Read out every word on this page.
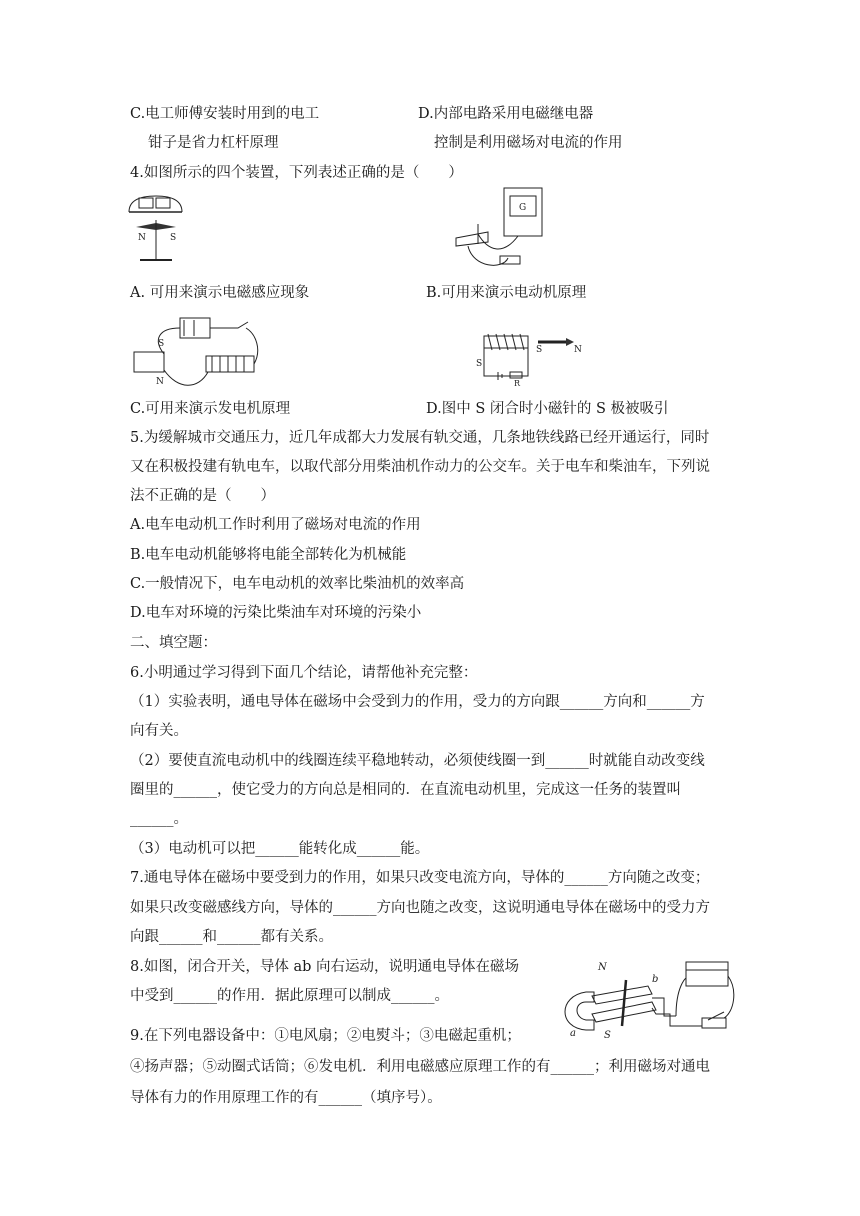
C.电工师傅安装时用到的电工	D.内部电路采用电磁继电器
钳子是省力杠杆原理	控制是利用磁场对电流的作用
4.如图所示的四个装置，下列表述正确的是（　　）
N	S
G
A. 可用来演示电磁感应现象	B.可用来演示电动机原理
S
N
S	N
S
R
C.可用来演示发电机原理	D.图中 S 闭合时小磁针的 S 极被吸引
5.为缓解城市交通压力，近几年成都大力发展有轨交通，几条地铁线路已经开通运行，同时
又在积极投建有轨电车，以取代部分用柴油机作动力的公交车。关于电车和柴油车，下列说
法不正确的是（　　）
A.电车电动机工作时利用了磁场对电流的作用
B.电车电动机能够将电能全部转化为机械能
C.一般情况下，电车电动机的效率比柴油机的效率高
D.电车对环境的污染比柴油车对环境的污染小
二、填空题：
6.小明通过学习得到下面几个结论，请帮他补充完整：
（1）实验表明，通电导体在磁场中会受到力的作用，受力的方向跟______方向和______方
向有关。
（2）要使直流电动机中的线圈连续平稳地转动，必须使线圈一到______时就能自动改变线
圈里的______，使它受力的方向总是相同的．在直流电动机里，完成这一任务的装置叫
______。
（3）电动机可以把______能转化成______能。
7.通电导体在磁场中要受到力的作用，如果只改变电流方向，导体的______方向随之改变；
如果只改变磁感线方向，导体的______方向也随之改变，这说明通电导体在磁场中的受力方
向跟______和______都有关系。
8.如图，闭合开关，导体 ab 向右运动，说明通电导体在磁场
中受到______的作用．据此原理可以制成______。
N
b
a	S
9.在下列电器设备中：①电风扇；②电熨斗；③电磁起重机；
④扬声器；⑤动圈式话筒；⑥发电机．利用电磁感应原理工作的有______；利用磁场对通电
导体有力的作用原理工作的有______（填序号）。
